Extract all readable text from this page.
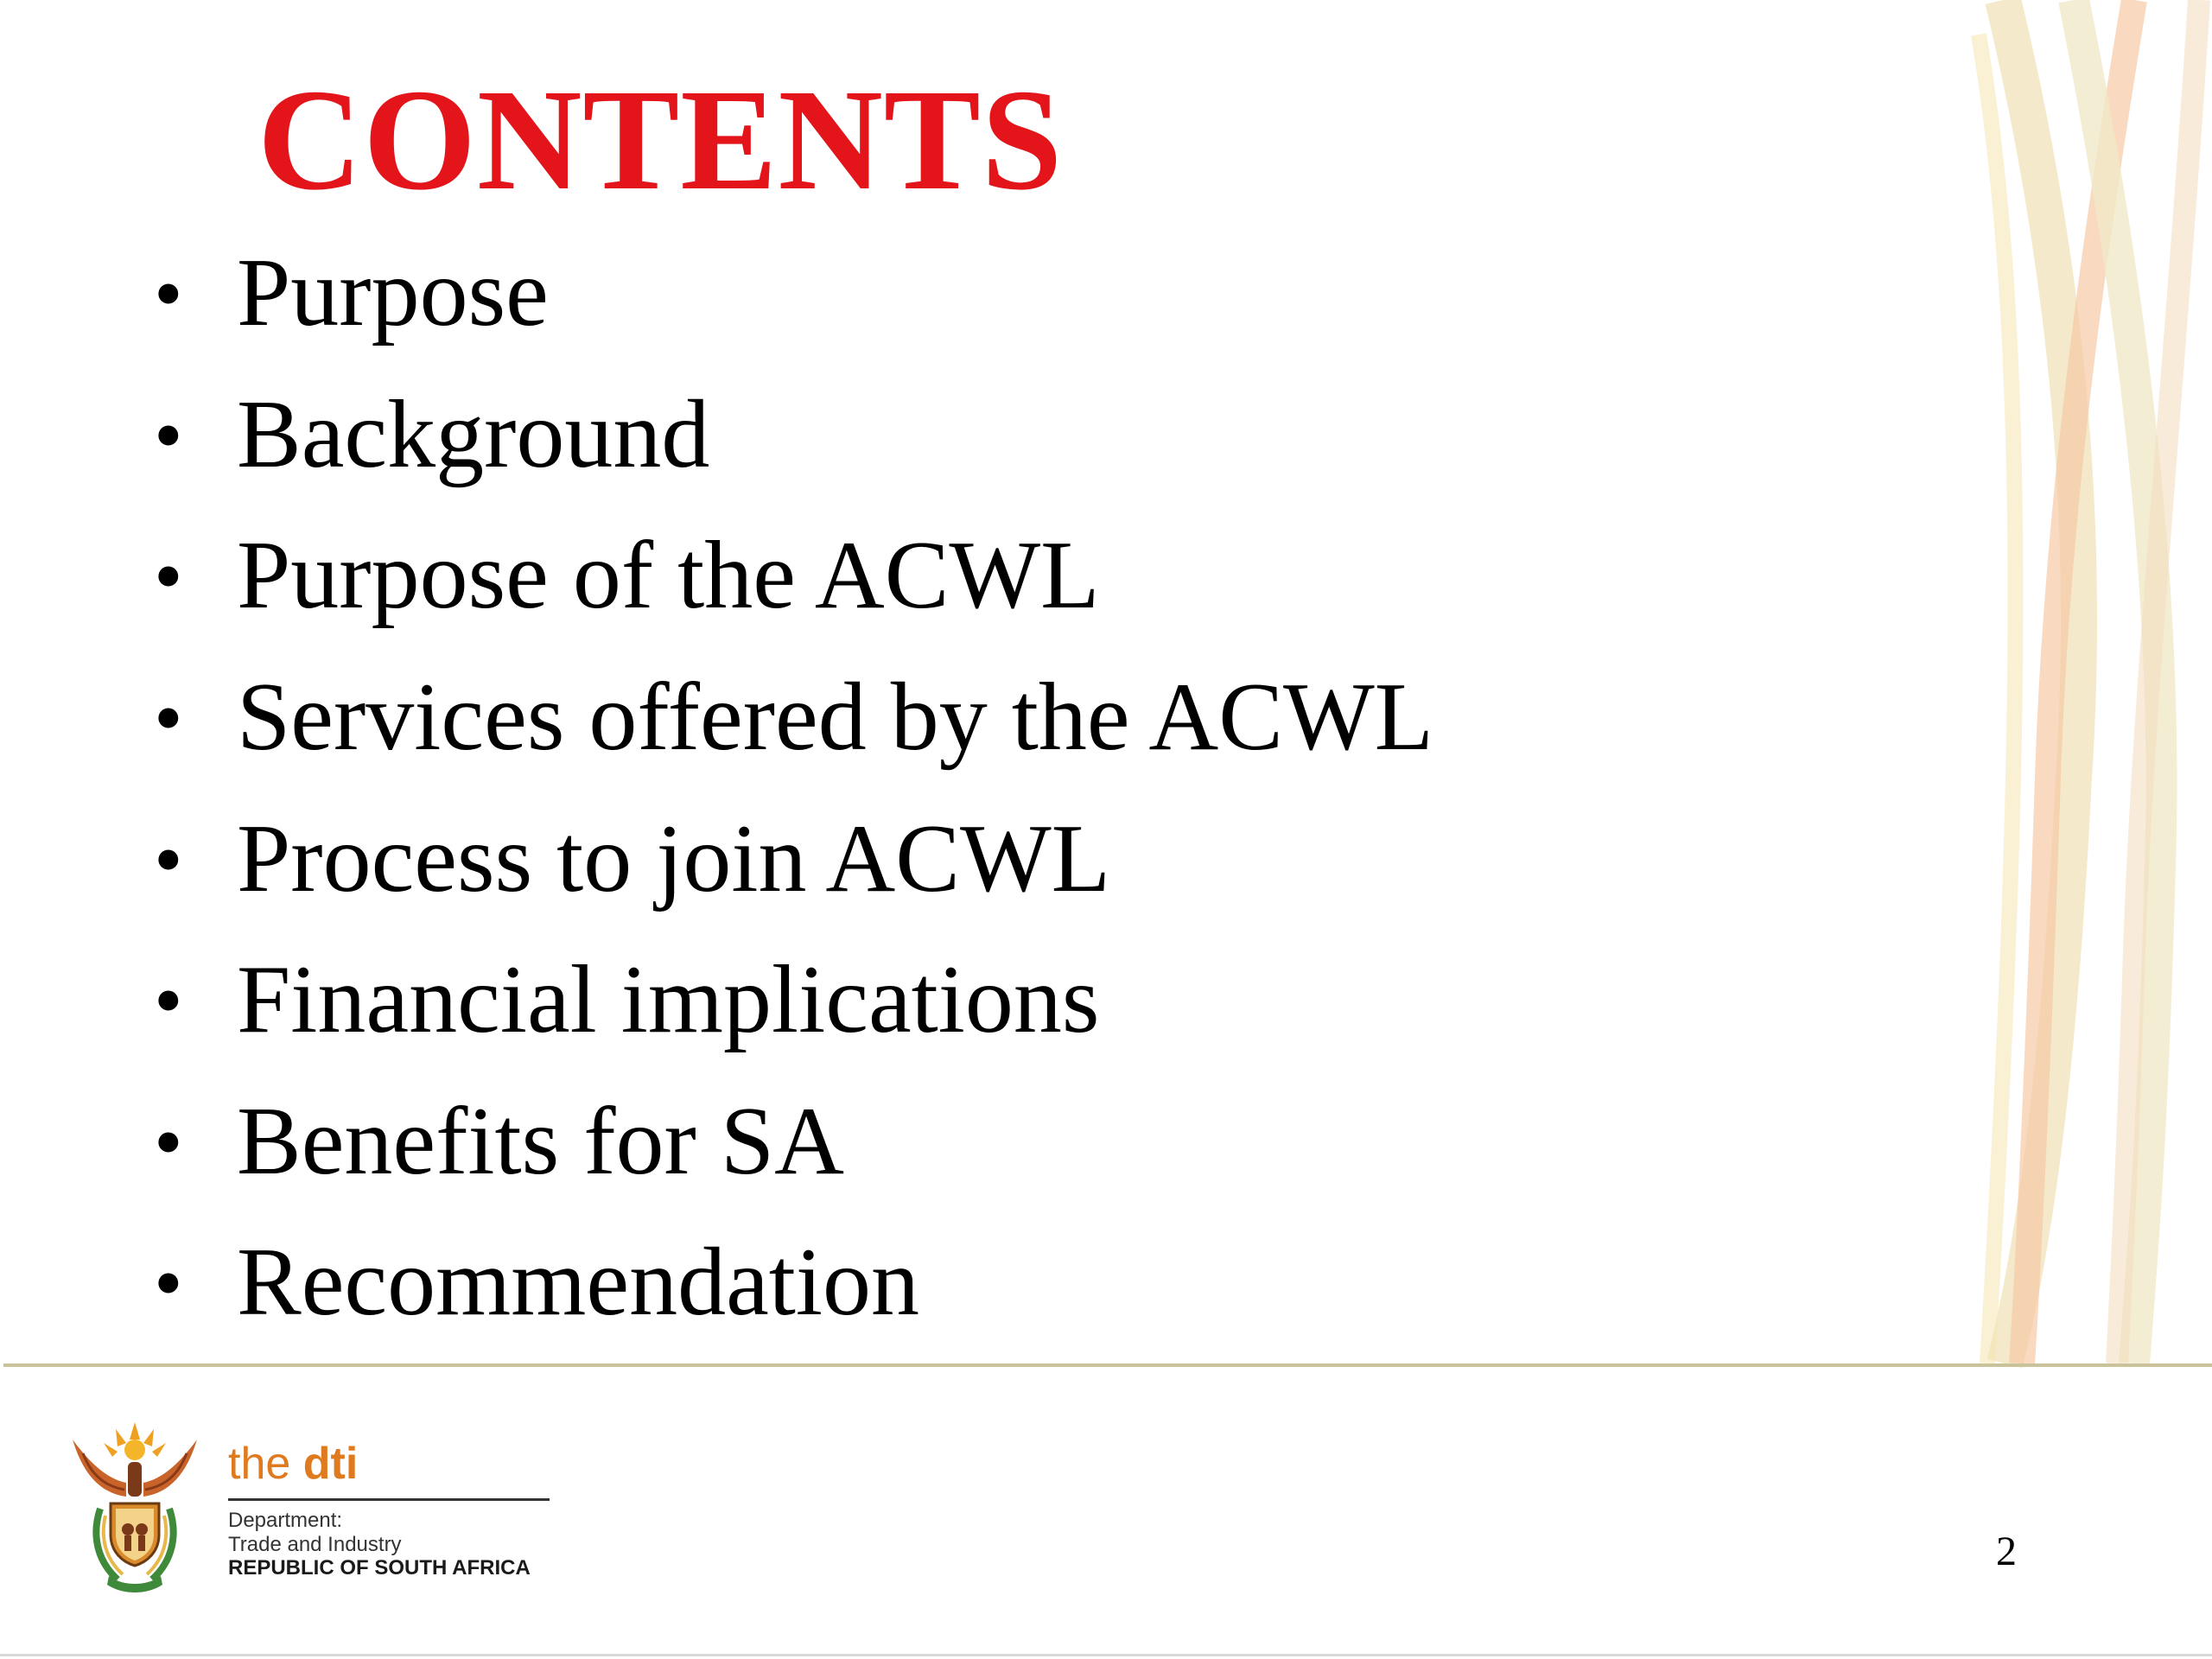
CONTENTS
• Purpose
• Background
• Purpose of the ACWL
• Services offered by the ACWL
• Process to join ACWL
• Financial implications
• Benefits for SA
• Recommendation
the dti
Department:
Trade and Industry
REPUBLIC OF SOUTH AFRICA	2
